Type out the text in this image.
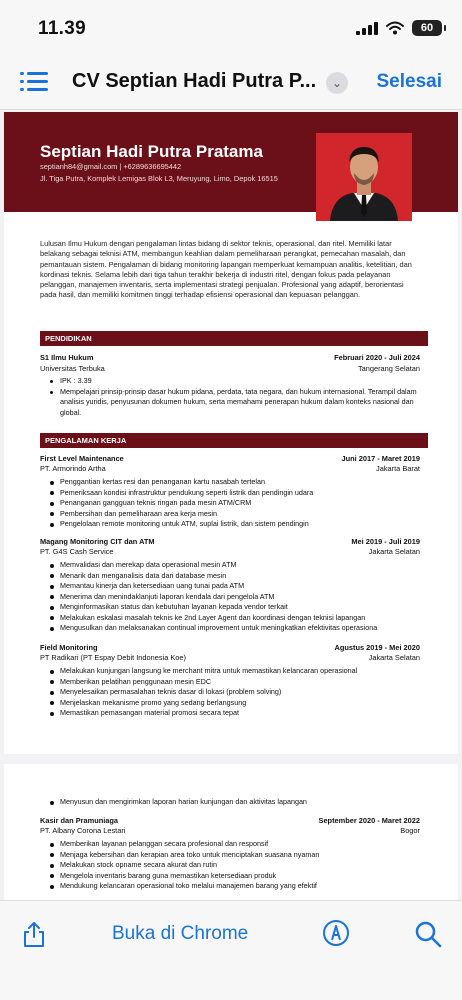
11.39	60
CV Septian Hadi Putra P...	⌄	Selesai
Septian Hadi Putra Pratama
septianh84@gmail.com | +6289636695442
Jl. Tiga Putra, Komplek Lemigas Blok L3, Meruyung, Limo, Depok 16515
Lulusan Ilmu Hukum dengan pengalaman lintas bidang di sektor teknis, operasional, dan ritel. Memiliki latar belakang sebagai teknisi ATM, membangun keahlian dalam pemeliharaan perangkat, pemecahan masalah, dan pemantauan sistem. Pengalaman di bidang monitoring lapangan memperkuat kemampuan analitis, ketelitian, dan kordinasi teknis. Selama lebih dari tiga tahun terakhir bekerja di industri ritel, dengan fokus pada pelayanan pelanggan, manajemen inventaris, serta implementasi strategi penjualan. Profesional yang adaptif, berorientasi pada hasil, dan memiliki komitmen tinggi terhadap efisiensi operasional dan kepuasan pelanggan.
PENDIDIKAN
S1 Ilmu Hukum	Februari 2020 - Juli 2024
Universitas Terbuka	Tangerang Selatan
IPK : 3.39
Mempelajari prinsip-prinsip dasar hukum pidana, perdata, tata negara, dan hukum internasional. Terampil dalam analisis yuridis, penyusunan dokumen hukum, serta memahami penerapan hukum dalam konteks nasional dan global.
PENGALAMAN KERJA
First Level Maintenance	Juni 2017 - Maret 2019
PT. Armorindo Artha	Jakarta Barat
Penggantian kertas resi dan penanganan kartu nasabah tertelan
Pemeriksaan kondisi infrastruktur pendukung seperti listrik dan pendingin udara
Penanganan gangguan teknis ringan pada mesin ATM/CRM
Pembersihan dan pemeliharaan area kerja mesin
Pengelolaan remote monitoring untuk ATM, suplai listrik, dan sistem pendingin
Magang Monitoring CIT dan ATM	Mei 2019 - Juli 2019
PT. G4S Cash Service	Jakarta Selatan
Memvalidasi dan merekap data operasional mesin ATM
Menarik dan menganalisis data dari database mesin
Memantau kinerja dan ketersediaan uang tunai pada ATM
Menerima dan menindaklanjuti laporan kendala dari pengelola ATM
Menginformasikan status dan kebutuhan layanan kepada vendor terkait
Melakukan eskalasi masalah teknis ke 2nd Layer Agent dan koordinasi dengan teknisi lapangan
Mengusulkan dan melaksanakan continual improvement untuk meningkatkan efektivitas operasiona
Field Monitoring	Agustus 2019 - Mei 2020
PT Radikari (PT Espay Debit Indonesia Koe)	Jakarta Selatan
Melakukan kunjungan langsung ke merchant mitra untuk memastikan kelancaran operasional
Memberikan pelatihan penggunaan mesin EDC
Menyelesaikan permasalahan teknis dasar di lokasi (problem solving)
Menjelaskan mekanisme promo yang sedang berlangsung
Memastikan pemasangan material promosi secara tepat
Menyusun dan mengirimkan laporan harian kunjungan dan aktivitas lapangan
Kasir dan Pramuniaga	September 2020 - Maret 2022
PT. Albany Corona Lestari	Bogor
Memberikan layanan pelanggan secara profesional dan responsif
Menjaga kebersihan dan kerapian area toko untuk menciptakan suasana nyaman
Melakukan stock opname secara akurat dan rutin
Mengelola inventaris barang guna memastikan ketersediaan produk
Mendukung kelancaran operasional toko melalui manajemen barang yang efektif
Buka di Chrome
